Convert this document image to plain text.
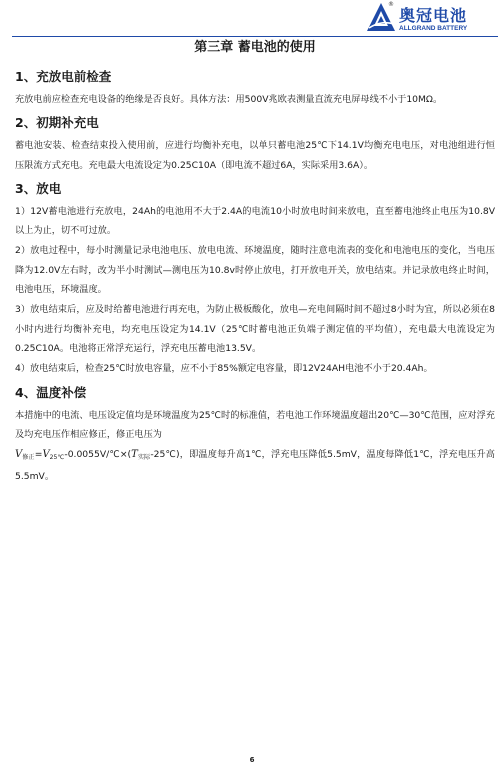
®
奥冠电池
ALLGRAND BATTERY
第三章 蓄电池的使用
1、充放电前检查

充放电前应检查充电设备的绝缘是否良好。具体方法：用500V兆欧表测量直流充电屏母线不小于10MΩ。

2、初期补充电

蓄电池安装、检查结束投入使用前，应进行均衡补充电，以单只蓄电池25℃下14.1V均衡充电电压，对电池组进行恒压限流方式充电。充电最大电流设定为0.25C10A（即电流不超过6A，实际采用3.6A）。

3、放电

1）12V蓄电池进行充放电，24Ah的电池用不大于2.4A的电流10小时放电时间来放电，直至蓄电池终止电压为10.8V以上为止，切不可过放。

2）放电过程中，每小时测量记录电池电压、放电电流、环境温度，随时注意电流表的变化和电池电压的变化，当电压降为12.0V左右时，改为半小时测试—测电压为10.8v时停止放电，打开放电开关，放电结束。并记录放电终止时间，电池电压，环境温度。

3）放电结束后，应及时给蓄电池进行再充电，为防止极板酸化，放电—充电间隔时间不超过8小时为宜，所以必须在8小时内进行均衡补充电，均充电压设定为14.1V（25℃时蓄电池正负端子测定值的平均值），充电最大电流设定为0.25C10A。电池将正常浮充运行，浮充电压蓄电池13.5V。

4）放电结束后，检查25℃时放电容量，应不小于85%额定电容量，即12V24AH电池不小于20.4Ah。

4、温度补偿

本措施中的电流、电压设定值均是环境温度为25℃时的标准值，若电池工作环境温度超出20℃—30℃范围，应对浮充及均充电压作相应修正，修正电压为

$V_{修正}=V_{25℃}-0.0055V/℃\times(T_{实际}-25℃)$，即温度每升高1℃，浮充电压降低5.5mV，温度每降低1℃，浮充电压升高5.5mV。

6
